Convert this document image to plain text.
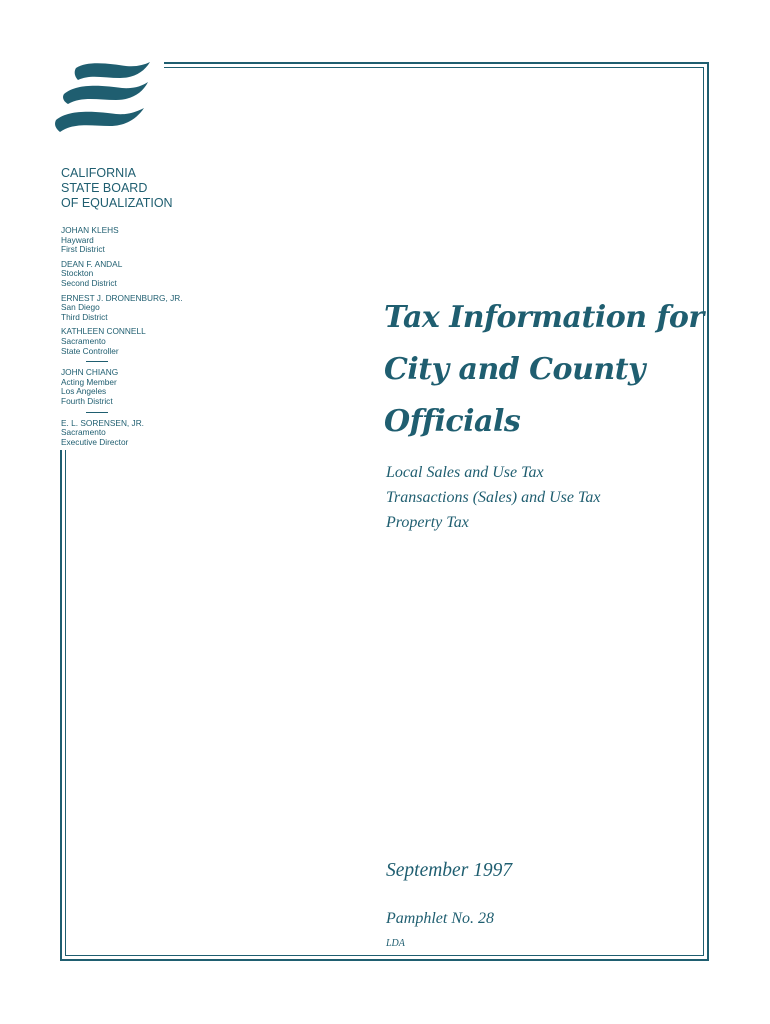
CALIFORNIA
STATE BOARD
OF EQUALIZATION
JOHAN KLEHS
Hayward
First District
DEAN F. ANDAL
Stockton
Second District
ERNEST J. DRONENBURG, JR.
San Diego
Third District
KATHLEEN CONNELL
Sacramento
State Controller
JOHN CHIANG
Acting Member
Los Angeles
Fourth District
E. L. SORENSEN, JR.
Sacramento
Executive Director
Tax Information for
City and County
Officials
Local Sales and Use Tax
Transactions (Sales) and Use Tax
Property Tax
September 1997
Pamphlet No. 28
LDA
